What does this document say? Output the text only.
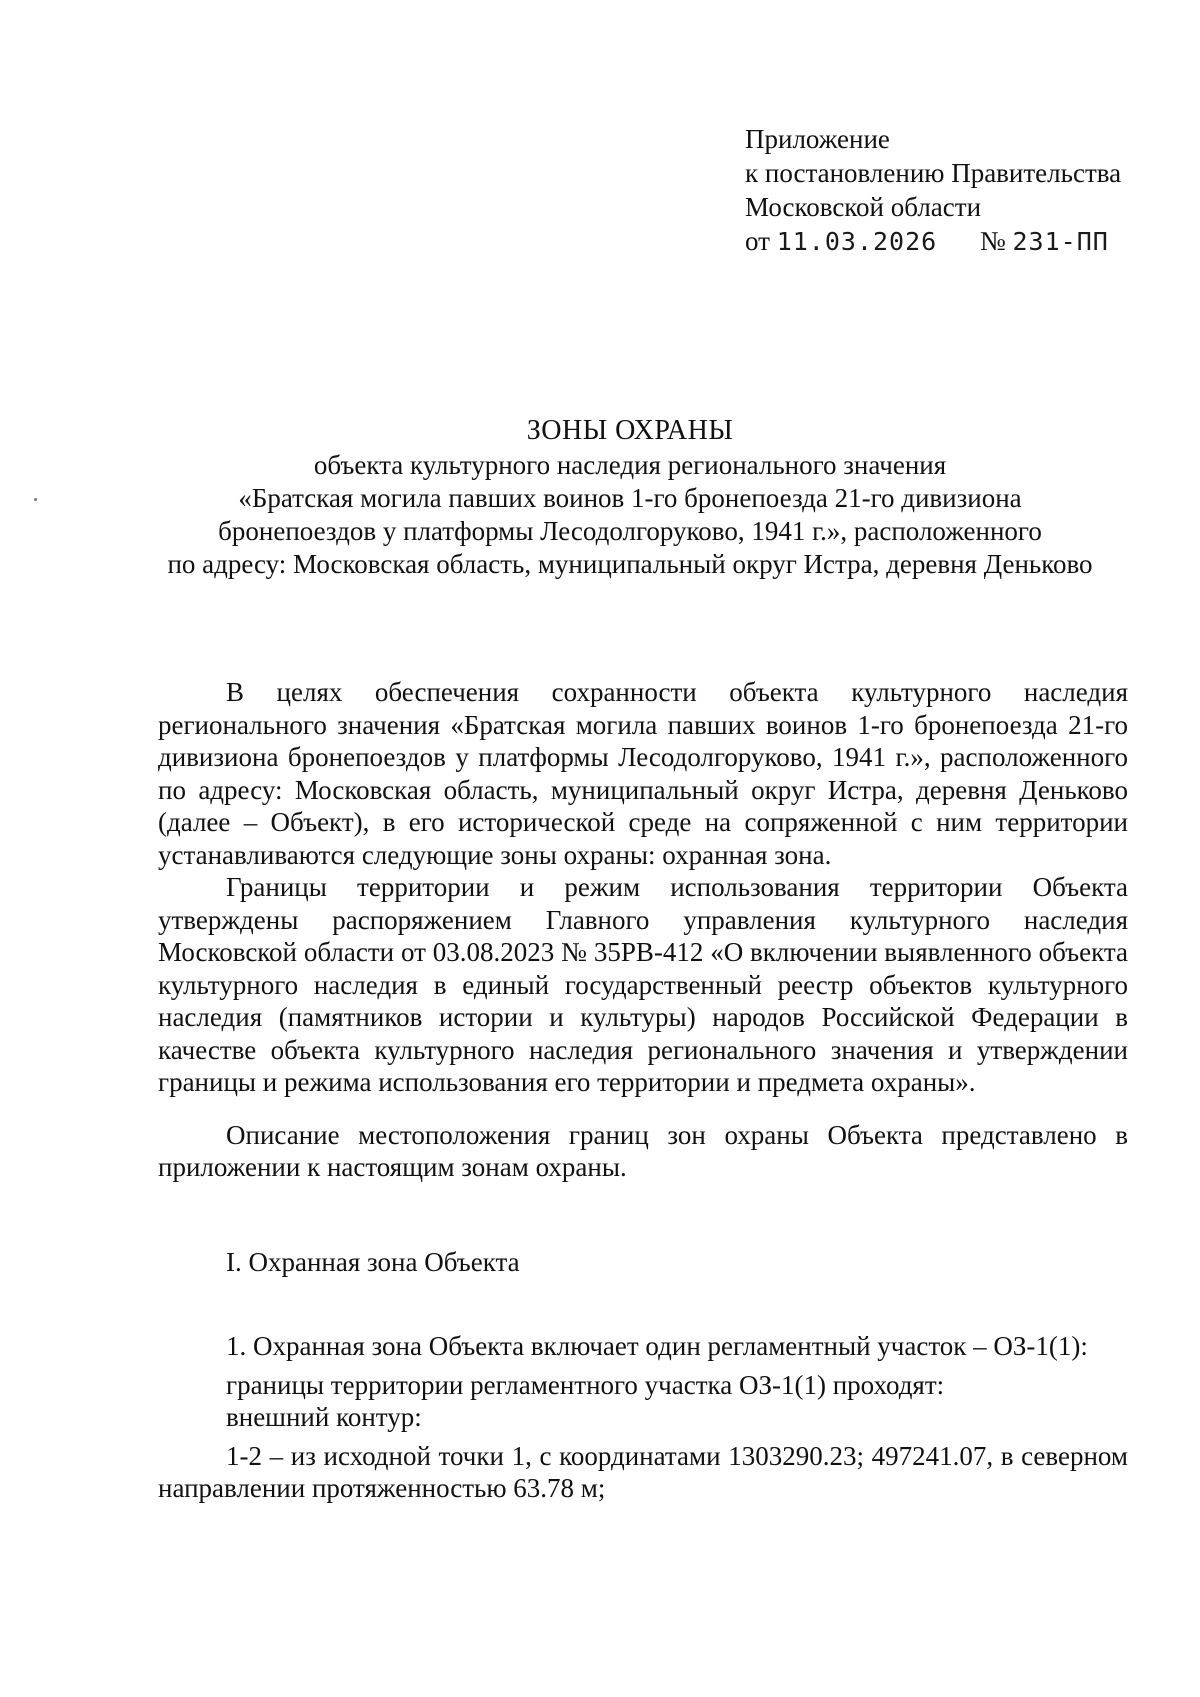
Приложение
к постановлению Правительства
Московской области
от 11.03.2026 № 231-ПП
ЗОНЫ ОХРАНЫ
объекта культурного наследия регионального значения
«Братская могила павших воинов 1-го бронепоезда 21-го дивизиона
бронепоездов у платформы Лесодолгоруково, 1941 г.», расположенного
по адресу: Московская область, муниципальный округ Истра, деревня Деньково

В целях обеспечения сохранности объекта культурного наследия регионального значения «Братская могила павших воинов 1-го бронепоезда 21-го дивизиона бронепоездов у платформы Лесодолгоруково, 1941 г.», расположенного по адресу: Московская область, муниципальный округ Истра, деревня Деньково (далее – Объект), в его исторической среде на сопряженной с ним территории устанавливаются следующие зоны охраны: охранная зона.

Границы территории и режим использования территории Объекта утверждены распоряжением Главного управления культурного наследия Московской области от 03.08.2023 № 35РВ-412 «О включении выявленного объекта культурного наследия в единый государственный реестр объектов культурного наследия (памятников истории и культуры) народов Российской Федерации в качестве объекта культурного наследия регионального значения и утверждении границы и режима использования его территории и предмета охраны».

Описание местоположения границ зон охраны Объекта представлено в приложении к настоящим зонам охраны.

I. Охранная зона Объекта

1. Охранная зона Объекта включает один регламентный участок – ОЗ-1(1):

границы территории регламентного участка ОЗ-1(1) проходят:

внешний контур:

1-2 – из исходной точки 1, с координатами 1303290.23; 497241.07, в северном направлении протяженностью 63.78 м;
